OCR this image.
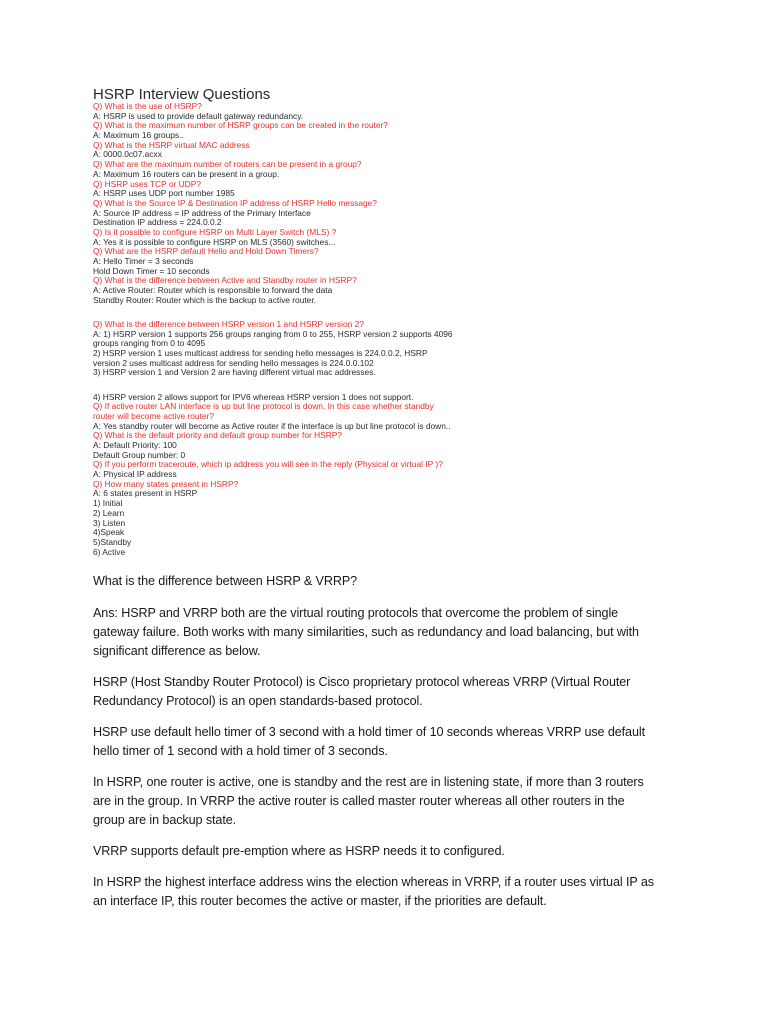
HSRP Interview Questions
Q) What is the use of HSRP?
A: HSRP is used to provide default gateway redundancy.
Q) What is the maximum number of HSRP groups can be created in the router?
A: Maximum 16 groups..
Q) What is the HSRP virtual MAC address
A: 0000.0c07.acxx
Q) What are the maximum number of routers can be present in a group?
A: Maximum 16 routers can be present in a group.
Q) HSRP uses TCP or UDP?
A: HSRP uses UDP port number 1985
Q) What is the Source IP & Destination IP address of HSRP Hello message?
A: Source IP address = IP address of the Primary Interface
Destination IP address = 224.0.0.2
Q) Is it possible to configure HSRP on Multi Layer Switch (MLS) ?
A: Yes it is possible to configure HSRP on MLS (3560) switches...
Q) What are the HSRP default Hello and Hold Down Timers?
A: Hello Timer = 3 seconds
Hold Down Timer = 10 seconds
Q) What is the difference between Active and Standby router in HSRP?
A: Active Router: Router which is responsible to forward the data
Standby Router: Router which is the backup to active router.
Q) What is the difference between HSRP version 1 and HSRP version 2?
A: 1) HSRP version 1 supports 256 groups ranging from 0 to 255, HSRP version 2 supports 4096
groups ranging from 0 to 4095
2) HSRP version 1 uses multicast address for sending hello messages is 224.0.0.2, HSRP
version 2 uses multicast address for sending hello messages is 224.0.0.102
3) HSRP version 1 and Version 2 are having different virtual mac addresses.
4) HSRP version 2 allows support for IPV6 whereas HSRP version 1 does not support.
Q) If active router LAN interface is up but line protocol is down, In this case whether standby
router will become active router?
A: Yes standby router will become as Active router if the interface is up but line protocol is down..
Q) What is the default priority and default group number for HSRP?
A: Default Priority: 100
Default Group number: 0
Q) If you perform traceroute, which ip address you will see in the reply (Physical or virtual IP )?
A: Physical IP address
Q) How many states present in HSRP?
A: 6 states present in HSRP
1) Initial
2) Learn
3) Listen
4)Speak
5)Standby
6) Active

What is the difference between HSRP & VRRP?

Ans: HSRP and VRRP both are the virtual routing protocols that overcome the problem of single
gateway failure. Both works with many similarities, such as redundancy and load balancing, but with
significant difference as below.

HSRP (Host Standby Router Protocol) is Cisco proprietary protocol whereas VRRP (Virtual Router
Redundancy Protocol) is an open standards-based protocol.

HSRP use default hello timer of 3 second with a hold timer of 10 seconds whereas VRRP use default
hello timer of 1 second with a hold timer of 3 seconds.

In HSRP, one router is active, one is standby and the rest are in listening state, if more than 3 routers
are in the group. In VRRP the active router is called master router whereas all other routers in the
group are in backup state.

VRRP supports default pre-emption where as HSRP needs it to configured.

In HSRP the highest interface address wins the election whereas in VRRP, if a router uses virtual IP as
an interface IP, this router becomes the active or master, if the priorities are default.
